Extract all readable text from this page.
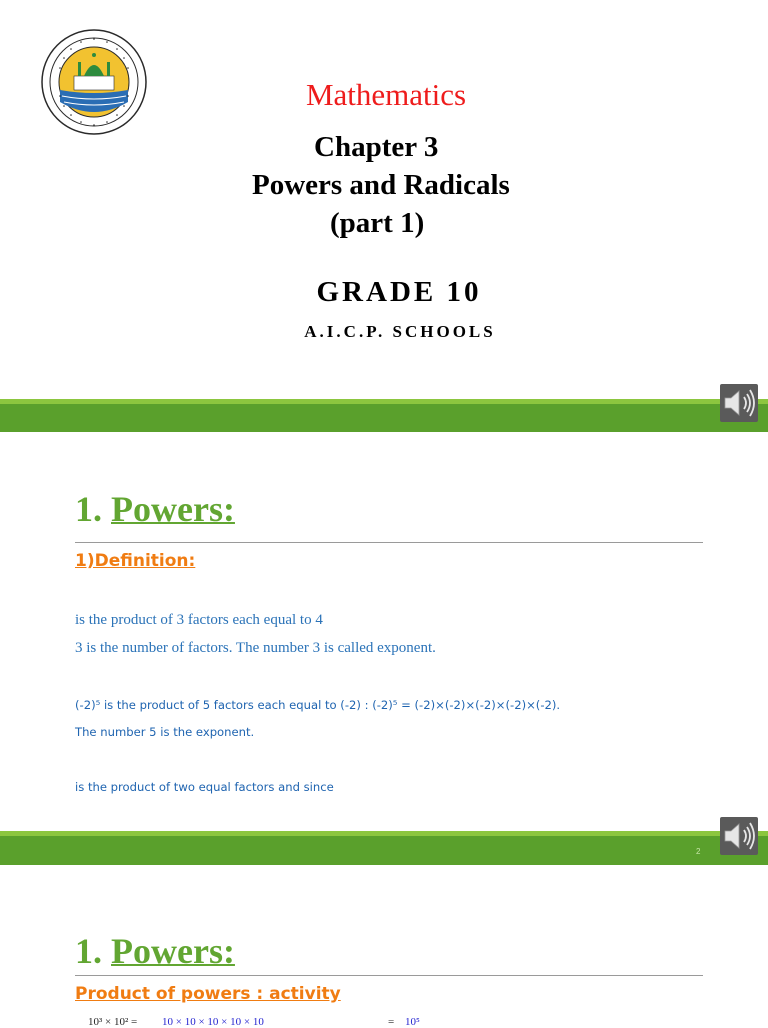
Mathematics
Chapter 3
Powers and Radicals
(part 1)
GRADE 10
A.I.C.P. SCHOOLS
1. Powers:
1)Definition:
is the product of 3 factors each equal to 4
3 is the number of factors. The number 3 is called exponent.
(-2)⁵ is the product of 5 factors each equal to (-2) : (-2)⁵ = (-2)×(-2)×(-2)×(-2)×(-2).
The number 5 is the exponent.
is the product of two equal factors and since
2
1. Powers:
Product of powers : activity
10³ × 10² = 10 × 10 × 10 × 10 × 10	= 10⁵
